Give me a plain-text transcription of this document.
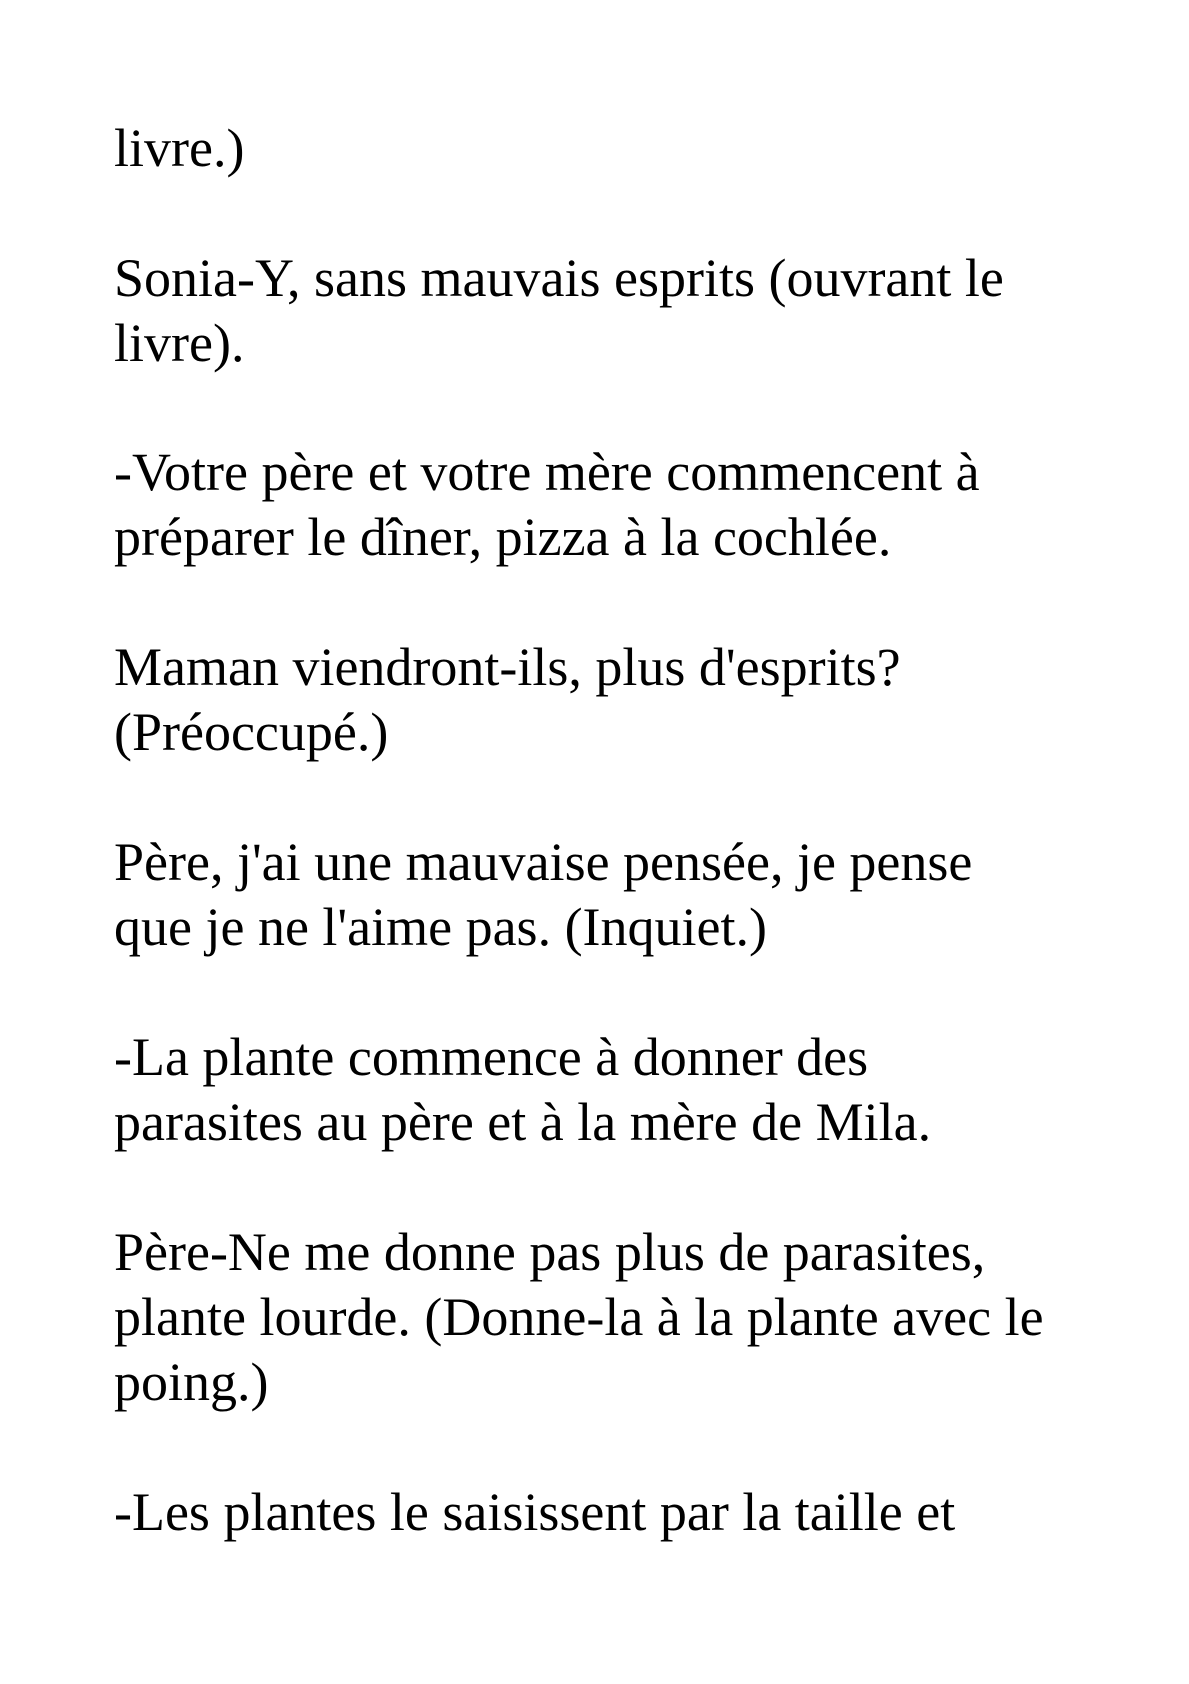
livre.)

Sonia-Y, sans mauvais esprits (ouvrant le

livre).

-Votre père et votre mère commencent à

préparer le dîner, pizza à la cochlée.

Maman viendront-ils, plus d'esprits?

(Préoccupé.)

Père, j'ai une mauvaise pensée, je pense

que je ne l'aime pas. (Inquiet.)

-La plante commence à donner des

parasites au père et à la mère de Mila.

Père-Ne me donne pas plus de parasites,

plante lourde. (Donne-la à la plante avec le

poing.)

-Les plantes le saisissent par la taille et
